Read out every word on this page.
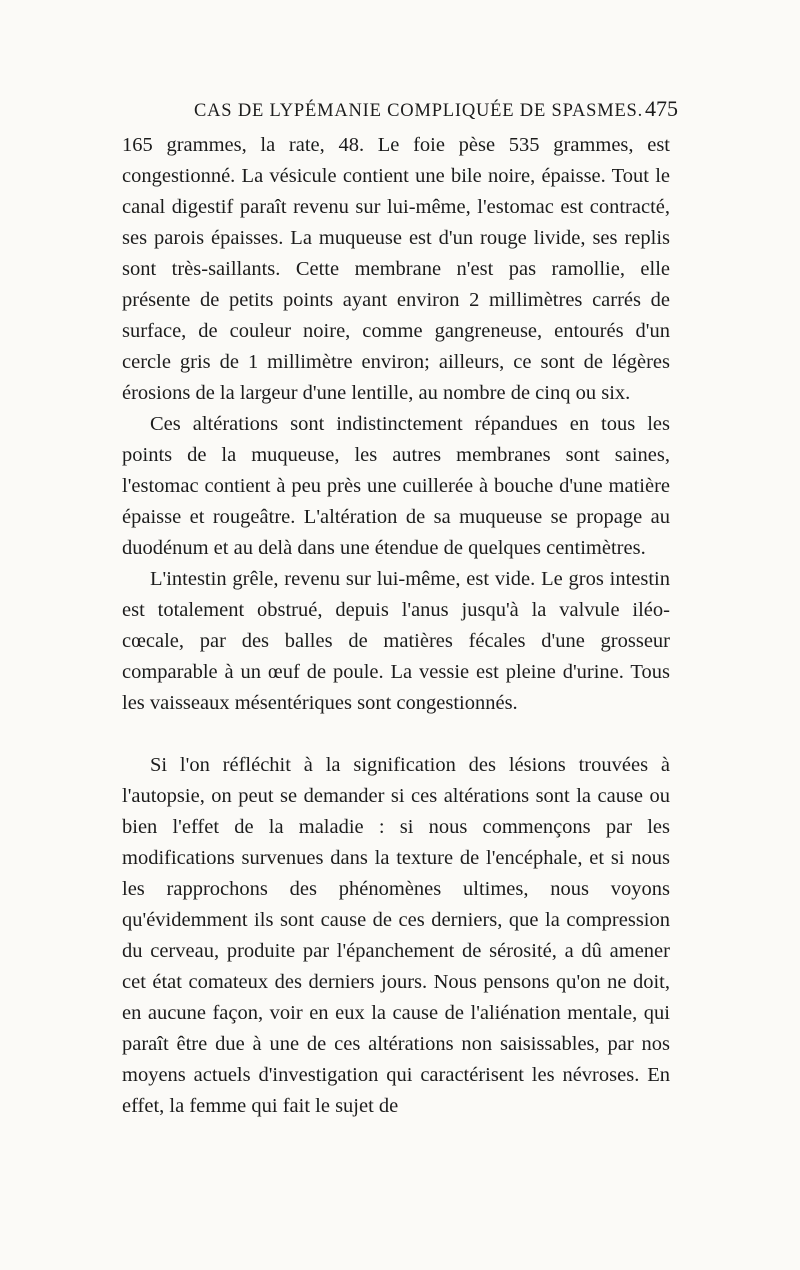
CAS DE LYPÉMANIE COMPLIQUÉE DE SPASMES. 475

165 grammes, la rate, 48. Le foie pèse 535 grammes, est congestionné. La vésicule contient une bile noire, épaisse. Tout le canal digestif paraît revenu sur lui-même, l'estomac est contracté, ses parois épaisses. La muqueuse est d'un rouge livide, ses replis sont très-saillants. Cette membrane n'est pas ramollie, elle présente de petits points ayant environ 2 millimètres carrés de surface, de couleur noire, comme gangreneuse, entourés d'un cercle gris de 1 millimètre environ; ailleurs, ce sont de légères érosions de la largeur d'une lentille, au nombre de cinq ou six.

Ces altérations sont indistinctement répandues en tous les points de la muqueuse, les autres membranes sont saines, l'estomac contient à peu près une cuillerée à bouche d'une matière épaisse et rougeâtre. L'altération de sa muqueuse se propage au duodénum et au delà dans une étendue de quelques centimètres.

L'intestin grêle, revenu sur lui-même, est vide. Le gros intestin est totalement obstrué, depuis l'anus jusqu'à la valvule iléo-cœcale, par des balles de matières fécales d'une grosseur comparable à un œuf de poule. La vessie est pleine d'urine. Tous les vaisseaux mésentériques sont congestionnés.

Si l'on réfléchit à la signification des lésions trouvées à l'autopsie, on peut se demander si ces altérations sont la cause ou bien l'effet de la maladie : si nous commençons par les modifications survenues dans la texture de l'encéphale, et si nous les rapprochons des phénomènes ultimes, nous voyons qu'évidemment ils sont cause de ces derniers, que la compression du cerveau, produite par l'épanchement de sérosité, a dû amener cet état comateux des derniers jours. Nous pensons qu'on ne doit, en aucune façon, voir en eux la cause de l'aliénation mentale, qui paraît être due à une de ces altérations non saisissables, par nos moyens actuels d'investigation qui caractérisent les névroses. En effet, la femme qui fait le sujet de
